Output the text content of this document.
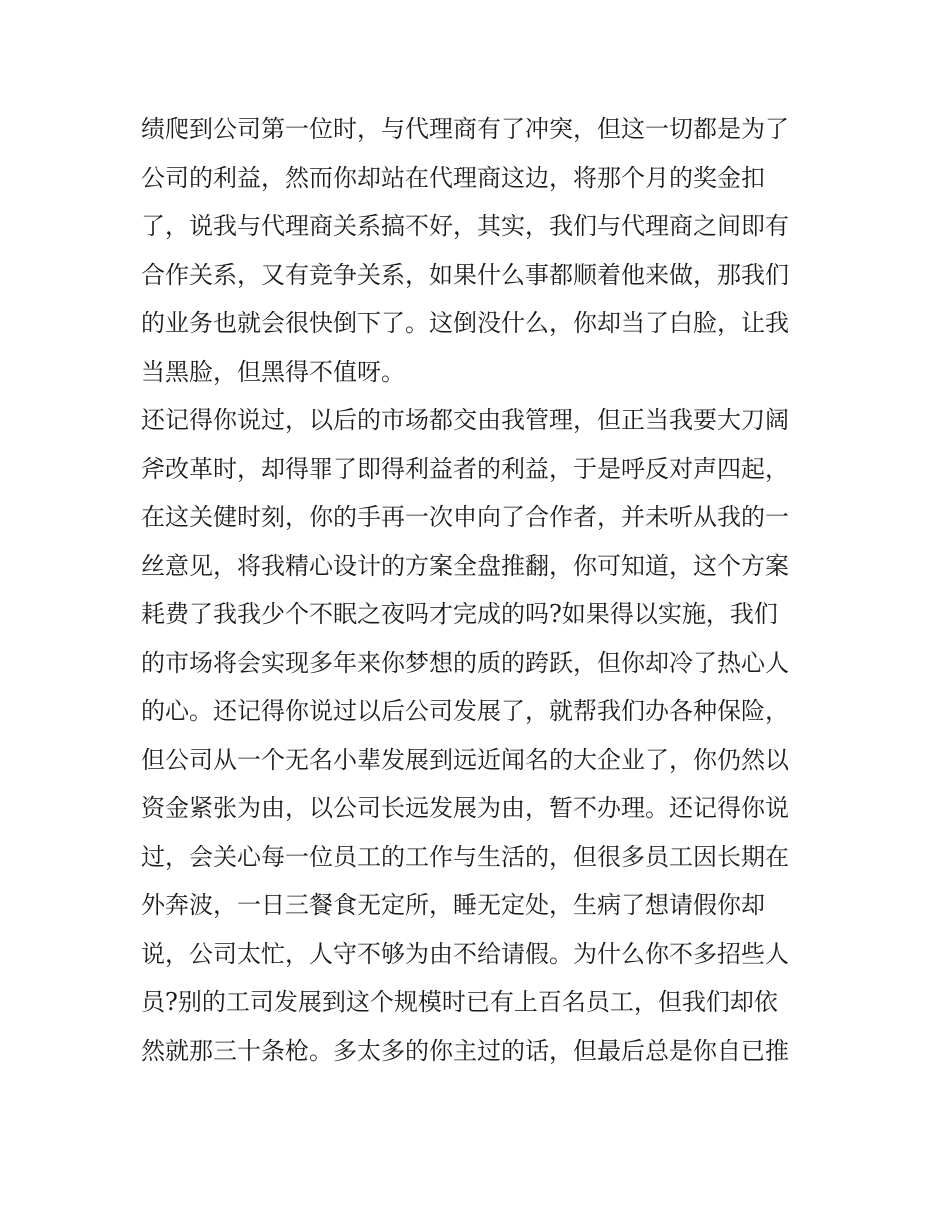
绩爬到公司第一位时，与代理商有了冲突，但这一切都是为了
公司的利益，然而你却站在代理商这边，将那个月的奖金扣
了，说我与代理商关系搞不好，其实，我们与代理商之间即有
合作关系，又有竞争关系，如果什么事都顺着他来做，那我们
的业务也就会很快倒下了。这倒没什么，你却当了白脸，让我
当黑脸，但黑得不值呀。
还记得你说过，以后的市场都交由我管理，但正当我要大刀阔
斧改革时，却得罪了即得利益者的利益，于是呼反对声四起，
在这关健时刻，你的手再一次申向了合作者，并未听从我的一
丝意见，将我精心设计的方案全盘推翻，你可知道，这个方案
耗费了我我少个不眠之夜吗才完成的吗?如果得以实施，我们
的市场将会实现多年来你梦想的质的跨跃，但你却冷了热心人
的心。还记得你说过以后公司发展了，就帮我们办各种保险，
但公司从一个无名小辈发展到远近闻名的大企业了，你仍然以
资金紧张为由，以公司长远发展为由，暂不办理。还记得你说
过，会关心每一位员工的工作与生活的，但很多员工因长期在
外奔波，一日三餐食无定所，睡无定处，生病了想请假你却
说，公司太忙，人守不够为由不给请假。为什么你不多招些人
员?别的工司发展到这个规模时已有上百名员工，但我们却依
然就那三十条枪。多太多的你主过的话，但最后总是你自已推
